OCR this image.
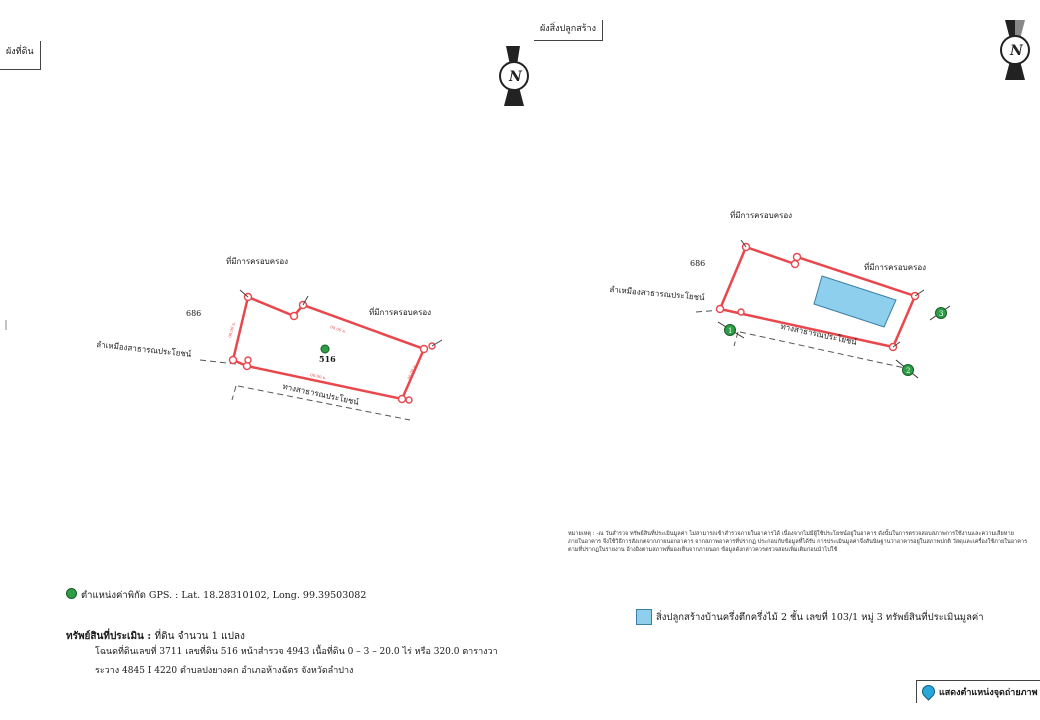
N
00.00 ม.
00.00 ม.
00.00 ม.
00.00 ม.
N
1
3
2
ผังที่ดิน
ผังสิ่งปลูกสร้าง
ที่มีการครอบครอง
ที่มีการครอบครอง
686
ลำเหมืองสาธารณประโยชน์
ทางสาธารณประโยชน์
516
ที่มีการครอบครอง
ที่มีการครอบครอง
686
ลำเหมืองสาธารณประโยชน์
ทางสาธารณประโยชน์
ตำแหน่งค่าพิกัด GPS. : Lat. 18.28310102, Long. 99.39503082
ทรัพย์สินที่ประเมิน : ที่ดิน จำนวน 1 แปลง
โฉนดที่ดินเลขที่ 3711 เลขที่ดิน 516 หน้าสำรวจ 4943 เนื้อที่ดิน 0 – 3 – 20.0 ไร่ หรือ 320.0 ตารางวา
ระวาง 4845 I 4220 ตำบลปงยางคก อำเภอห้างฉัตร จังหวัดลำปาง
หมายเหตุ : -ณ วันสำรวจ ทรัพย์สินที่ประเมินมูลค่า ไม่สามารถเข้าสำรวจภายในอาคารได้ เนื่องจากไม่มีผู้ใช้ประโยชน์อยู่ในอาคาร ดังนั้นในการตรวจสอบสภาพการใช้งานและความเสียหายภายในอาคาร จึงใช้วิธีการสังเกตจากภายนอกอาคาร จากสภาพอาคารที่ปรากฏ ประกอบกับข้อมูลที่ได้รับ การประเมินมูลค่าจึงสันนิษฐานว่าอาคารอยู่ในสภาพปกติ วัสดุและเครื่องใช้ภายในอาคาร ตามที่ปรากฏในรายงาน อ้างอิงตามสภาพที่มองเห็นจากภายนอก ข้อมูลดังกล่าวควรตรวจสอบเพิ่มเติมก่อนนำไปใช้
สิ่งปลูกสร้างบ้านครึ่งตึกครึ่งไม้ 2 ชั้น เลขที่ 103/1 หมู่ 3 ทรัพย์สินที่ประเมินมูลค่า
แสดงตำแหน่งจุดถ่ายภาพ
